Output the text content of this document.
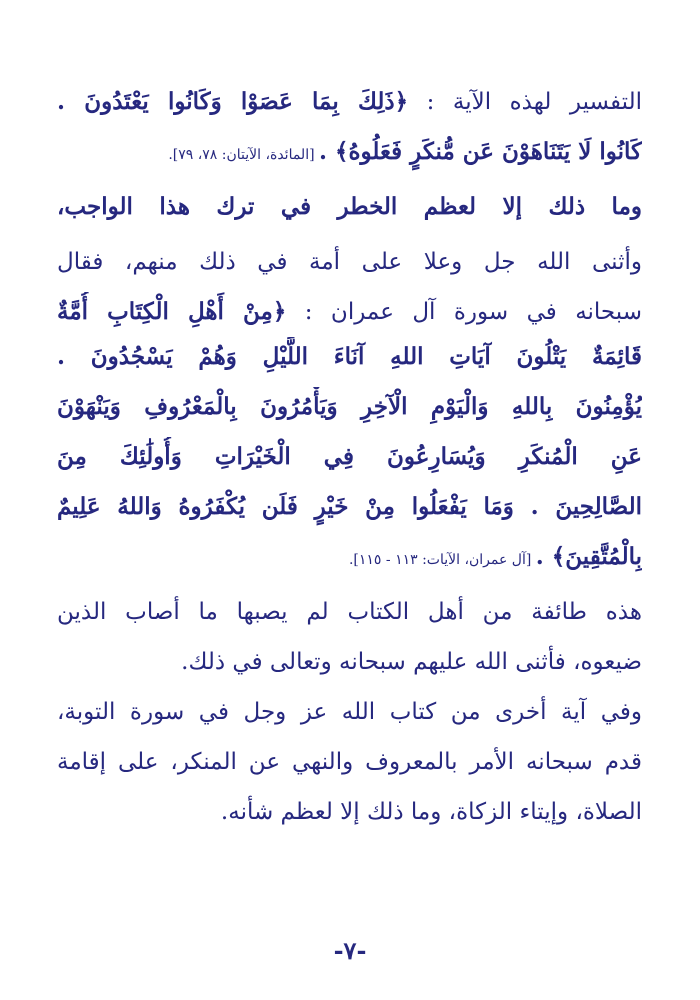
التفسير لهذه الآية : ﴿ذَلِكَ بِمَا عَصَوْا وَكَانُوا يَعْتَدُونَ .
كَانُوا لَا يَتَنَاهَوْنَ عَن مُّنكَرٍ فَعَلُوهُ﴾ . [المائدة، الآيتان: ٧٨، ٧٩].
وما ذلك إلا لعظم الخطر في ترك هذا الواجب،
وأثنى الله جل وعلا على أمة في ذلك منهم، فقال
سبحانه في سورة آل عمران : ﴿مِنْ أَهْلِ الْكِتَابِ أُمَّةٌ
قَائِمَةٌ يَتْلُونَ آيَاتِ اللهِ آنَاءَ اللَّيْلِ وَهُمْ يَسْجُدُونَ .
يُؤْمِنُونَ بِاللهِ وَالْيَوْمِ الْآخِرِ وَيَأْمُرُونَ بِالْمَعْرُوفِ وَيَنْهَوْنَ
عَنِ الْمُنكَرِ وَيُسَارِعُونَ فِي الْخَيْرَاتِ وَأُولَٰئِكَ مِنَ
الصَّالِحِينَ . وَمَا يَفْعَلُوا مِنْ خَيْرٍ فَلَن يُكْفَرُوهُ وَاللهُ عَلِيمٌ
بِالْمُتَّقِينَ﴾ . [آل عمران، الآيات: ١١٣ - ١١٥].
هذه طائفة من أهل الكتاب لم يصبها ما أصاب الذين
ضيعوه، فأثنى الله عليهم سبحانه وتعالى في ذلك.
وفي آية أخرى من كتاب الله عز وجل في سورة التوبة،
قدم سبحانه الأمر بالمعروف والنهي عن المنكر، على إقامة
الصلاة، وإيتاء الزكاة، وما ذلك إلا لعظم شأنه.
-٧-
